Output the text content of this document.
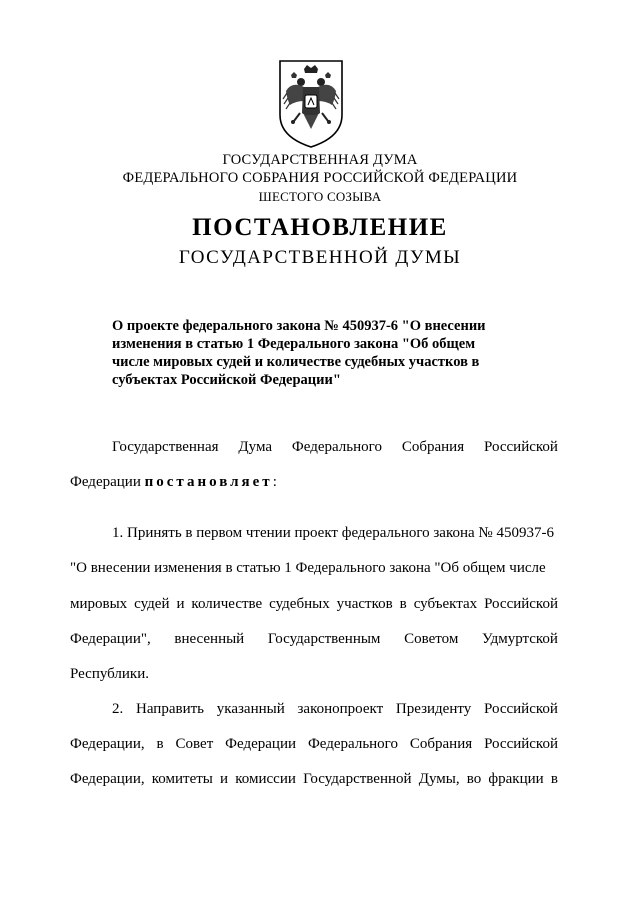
ГОСУДАРСТВЕННАЯ ДУМА
ФЕДЕРАЛЬНОГО СОБРАНИЯ РОССИЙСКОЙ ФЕДЕРАЦИИ
ШЕСТОГО СОЗЫВА
ПОСТАНОВЛЕНИЕ
ГОСУДАРСТВЕННОЙ ДУМЫ
О проекте федерального закона № 450937-6 "О внесении
изменения в статью 1 Федерального закона "Об общем
числе мировых судей и количестве судебных участков в
субъектах Российской Федерации"
Государственная Дума Федерального Собрания Российской
Федерации постановляет:
1. Принять в первом чтении проект федерального закона № 450937-6
"О внесении изменения в статью 1 Федерального закона "Об общем числе
мировых судей и количестве судебных участков в субъектах Российской
Федерации", внесенный Государственным Советом Удмуртской
Республики.
2. Направить указанный законопроект Президенту Российской
Федерации, в Совет Федерации Федерального Собрания Российской
Федерации, комитеты и комиссии Государственной Думы, во фракции в
